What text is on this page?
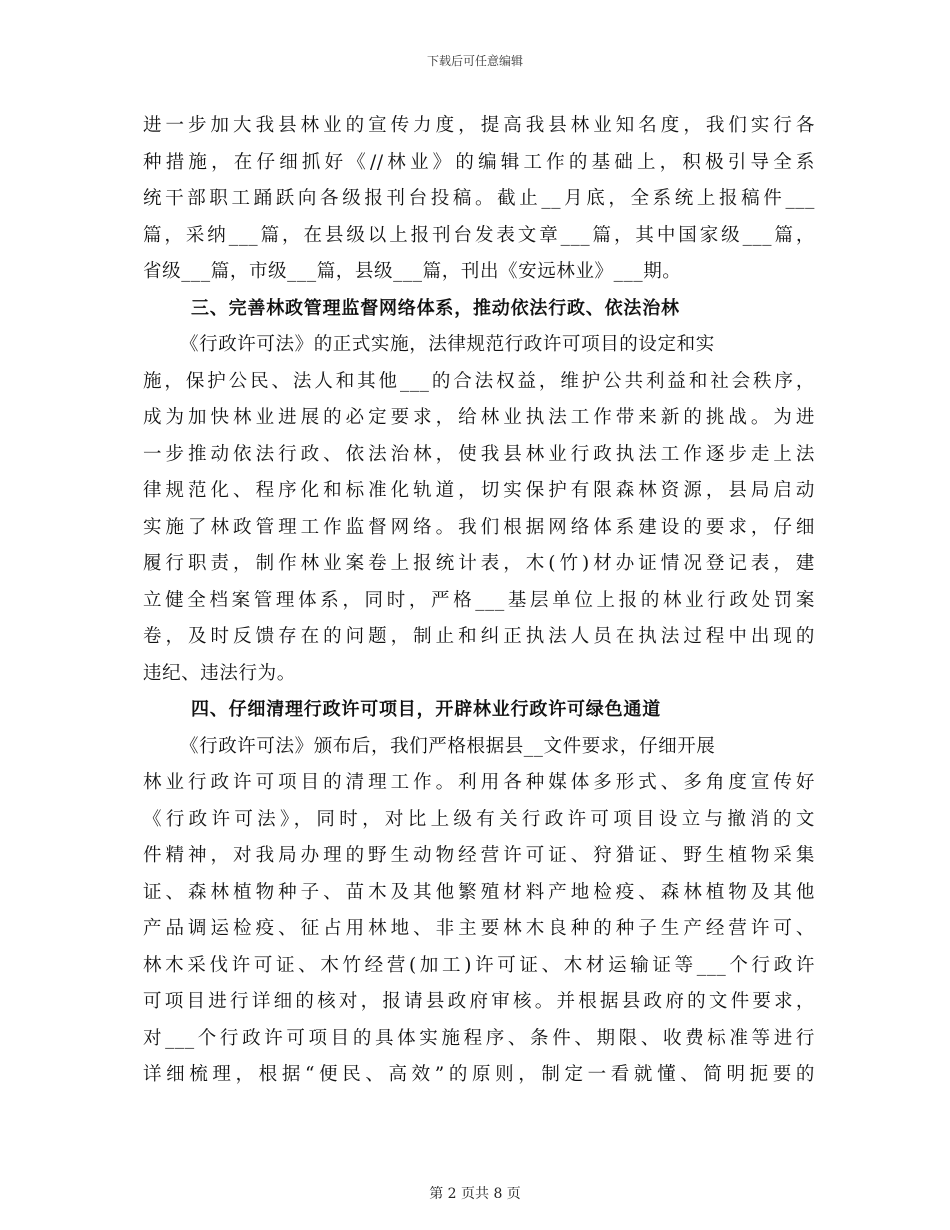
下载后可任意编辑
进一步加大我县林业的宣传力度，提高我县林业知名度，我们实行各
种措施，在仔细抓好《//林业》的编辑工作的基础上，积极引导全系
统干部职工踊跃向各级报刊台投稿。截止__月底，全系统上报稿件___
篇，采纳___篇，在县级以上报刊台发表文章___篇，其中国家级___篇，
省级___篇，市级___篇，县级___篇，刊出《安远林业》___期。
三、完善林政管理监督网络体系，推动依法行政、依法治林
《行政许可法》的正式实施，法律规范行政许可项目的设定和实
施，保护公民、法人和其他___的合法权益，维护公共利益和社会秩序，
成为加快林业进展的必定要求，给林业执法工作带来新的挑战。为进
一步推动依法行政、依法治林，使我县林业行政执法工作逐步走上法
律规范化、程序化和标准化轨道，切实保护有限森林资源，县局启动
实施了林政管理工作监督网络。我们根据网络体系建设的要求，仔细
履行职责，制作林业案卷上报统计表，木(竹)材办证情况登记表，建
立健全档案管理体系，同时，严格___基层单位上报的林业行政处罚案
卷，及时反馈存在的问题，制止和纠正执法人员在执法过程中出现的
违纪、违法行为。
四、仔细清理行政许可项目，开辟林业行政许可绿色通道
《行政许可法》颁布后，我们严格根据县__文件要求，仔细开展
林业行政许可项目的清理工作。利用各种媒体多形式、多角度宣传好
《行政许可法》，同时，对比上级有关行政许可项目设立与撤消的文
件精神，对我局办理的野生动物经营许可证、狩猎证、野生植物采集
证、森林植物种子、苗木及其他繁殖材料产地检疫、森林植物及其他
产品调运检疫、征占用林地、非主要林木良种的种子生产经营许可、
林木采伐许可证、木竹经营(加工)许可证、木材运输证等___个行政许
可项目进行详细的核对，报请县政府审核。并根据县政府的文件要求，
对___个行政许可项目的具体实施程序、条件、期限、收费标准等进行
详细梳理，根据“便民、高效”的原则，制定一看就懂、简明扼要的
第 2 页共 8 页
